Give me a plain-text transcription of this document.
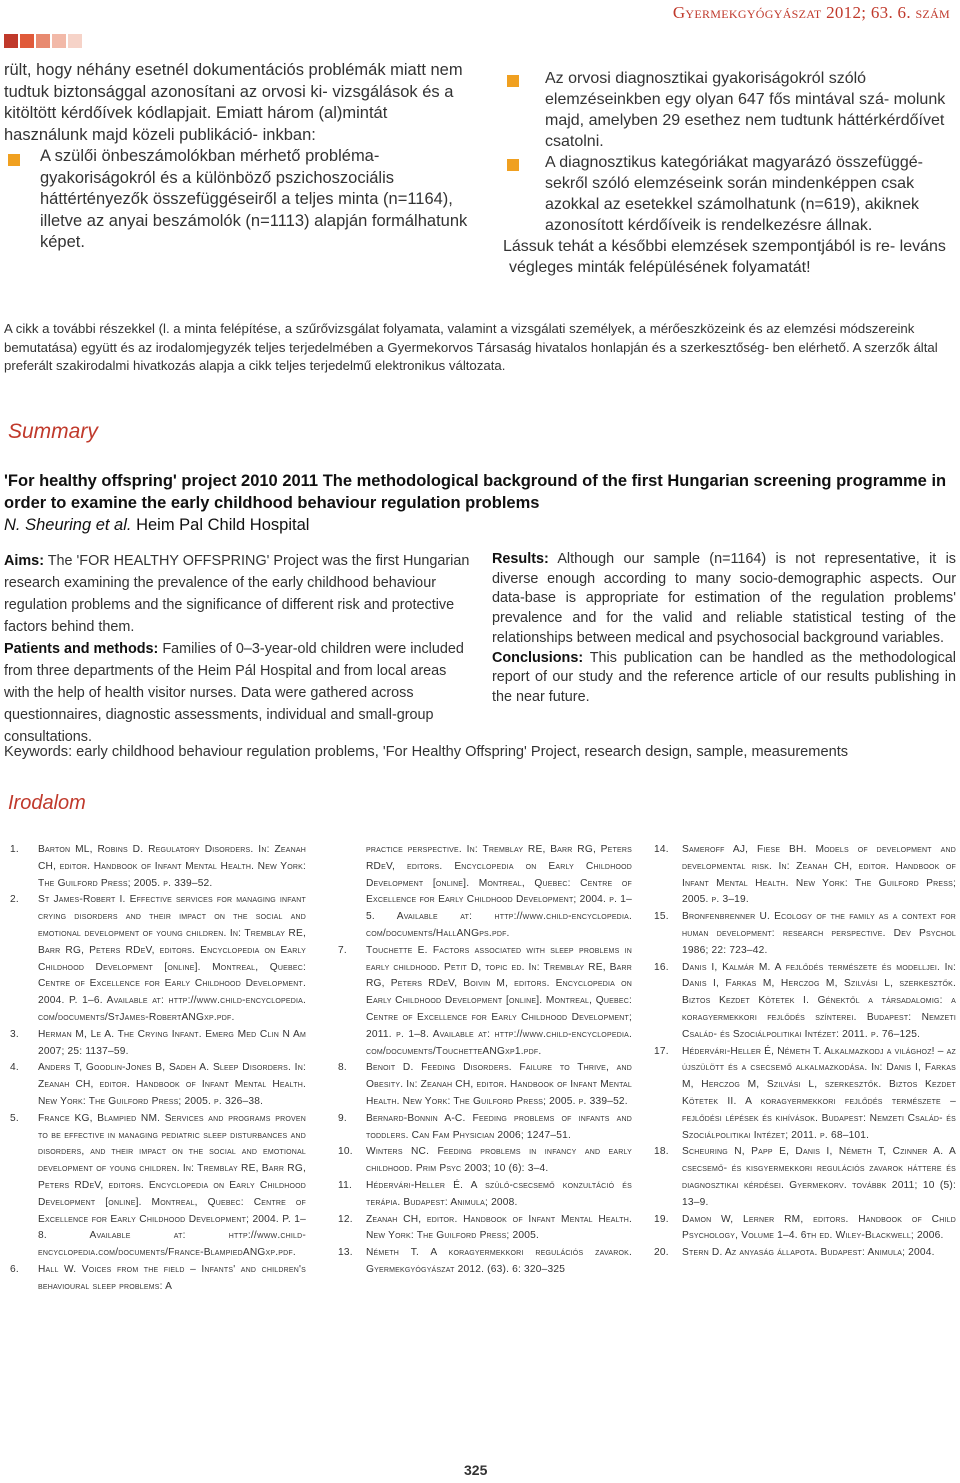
Gyermekgyógyászat 2012; 63. 6. szám

rült, hogy néhány esetnél dokumentációs problémák miatt nem tudtuk biztonsággal azonosítani az orvosi ki- vizsgálások és a kitöltött kérdőívek kódlapjait. Emiatt három (al)mintát használunk majd közeli publikáció- inkban:

A szülői önbeszámolókban mérhető probléma- gyakoriságokról és a különböző pszichoszociális háttértényezők összefüggéseiről a teljes minta (n=1164), illetve az anyai beszámolók (n=1113) alapján formálhatunk képet.
Az orvosi diagnosztikai gyakoriságokról szóló elemzéseinkben egy olyan 647 fős mintával szá- molunk majd, amelyben 29 esethez nem tudtunk háttérkérdőívet csatolni.
A diagnosztikus kategóriákat magyarázó összefüggé- sekről szóló elemzéseink során mindenképpen csak azokkal az esetekkel számolhatunk (n=619), akiknek azonosított kérdőíveik is rendelkezésre állnak.
Lássuk tehát a későbbi elemzések szempontjából is re- leváns végleges minták felépülésének folyamatát!
A cikk a további részekkel (l. a minta felépítése, a szűrővizsgálat folyamata, valamint a vizsgálati személyek, a mérőeszközeink és az elemzési módszereink bemutatása) együtt és az irodalomjegyzék teljes terjedelmében a Gyermekorvos Társaság hivatalos honlapján és a szerkesztőség- ben elérhető. A szerzők által preferált szakirodalmi hivatkozás alapja a cikk teljes terjedelmű elektronikus változata.
Summary
'For healthy offspring' project 2010 2011 The methodological background of the first Hungarian screening programme in order to examine the early childhood behaviour regulation problems
N. Sheuring et al. Heim Pal Child Hospital

Aims: The 'FOR HEALTHY OFFSPRING' Project was the first Hungarian research examining the prevalence of the early childhood behaviour regulation problems and the significance of different risk and protective factors behind them.

Patients and methods: Families of 0–3-year-old children were included from three departments of the Heim Pál Hospital and from local areas with the help of health visitor nurses. Data were gathered across questionnaires, diagnostic assessments, individual and small-group consultations.

Results: Although our sample (n=1164) is not representative, it is diverse enough according to many socio-demographic aspects. Our data-base is appropriate for estimation of the regulation problems' prevalence and for the valid and reliable statistical testing of the relationships between medical and psychosocial background variables.

Conclusions: This publication can be handled as the methodological report of our study and the reference article of our results publishing in the near future.

Keywords: early childhood behaviour regulation problems, 'For Healthy Offspring' Project, research design, sample, measurements
Irodalom
1.	Barton ML, Robins D. Regulatory Disorders. In: Zeanah CH, editor. Handbook of Infant Mental Health. New York: The Guilford Press; 2005. p. 339–52.
2.	St James-Robert I. Effective services for managing infant crying disorders and their impact on the social and emotional development of young children. In: Tremblay RE, Barr RG, Peters RDeV, editors. Encyclopedia on Early Childhood Development [online]. Montreal, Quebec: Centre of Excellence for Early Childhood Development. 2004. P. 1–6. Available at: http://www.child-encyclopedia. com/documents/StJames-RobertANGxp.pdf.
3.	Herman M, Le A. The Crying Infant. Emerg Med Clin N Am 2007; 25: 1137–59.
4.	Anders T, Goodlin-Jones B, Sadeh A. Sleep Disorders. In: Zeanah CH, editor. Handbook of Infant Mental Health. New York: The Guilford Press; 2005. p. 326–38.
5.	France KG, Blampied NM. Services and programs proven to be effective in managing pediatric sleep disturbances and disorders, and their impact on the social and emotional development of young children. In: Tremblay RE, Barr RG, Peters RDeV, editors. Encyclopedia on Early Childhood Development [online]. Montreal, Quebec: Centre of Excellence for Early Childhood Development; 2004. P. 1–8. Available at: http://www.child-encyclopedia.com/documents/France-BlampiedANGxp.pdf.
6.	Hall W. Voices from the field – Infants' and children's behavioural sleep problems: A
practice perspective. In: Tremblay RE, Barr RG, Peters RDeV, editors. Encyclopedia on Early Childhood Development [online]. Montreal, Quebec: Centre of Excellence for Early Childhood Development; 2004. p. 1–5. Available at: http://www.child-encyclopedia. com/documents/HallANGps.pdf.
7.	Touchette E. Factors associated with sleep problems in early childhood. Petit D, topic ed. In: Tremblay RE, Barr RG, Peters RDeV, Boivin M, editors. Encyclopedia on Early Childhood Development [online]. Montreal, Quebec: Centre of Excellence for Early Childhood Development; 2011. p. 1–8. Available at: http://www.child-encyclopedia. com/documents/TouchetteANGxp1.pdf.
8.	Benoit D. Feeding Disorders. Failure to Thrive, and Obesity. In: Zeanah CH, editor. Handbook of Infant Mental Health. New York: The Guilford Press; 2005. p. 339–52.
9.	Bernard-Bonnin A-C. Feeding problems of infants and toddlers. Can Fam Physician 2006; 1247–51.
10.	Winters NC. Feeding problems in infancy and early childhood. Prim Psyc 2003; 10 (6): 3–4.
11.	Hédervári-Heller É. A szülő-csecsemő konzultáció és terápia. Budapest: Animula; 2008.
12.	Zeanah CH, editor. Handbook of Infant Mental Health. New York: The Guilford Press; 2005.
13.	Németh T. A koragyermekkori regulációs zavarok. Gyermekgyógyászat 2012. (63). 6: 320–325
14.	Sameroff AJ, Fiese BH. Models of development and developmental risk. In: Zeanah CH, editor. Handbook of Infant Mental Health. New York: The Guilford Press; 2005. p. 3–19.
15.	Bronfenbrenner U. Ecology of the family as a context for human development: research perspective. Dev Psychol 1986; 22: 723–42.
16.	Danis I, Kalmár M. A fejlődés természete és modelljei. In: Danis I, Farkas M, Herczog M, Szilvási L, szerkesztők. Biztos Kezdet Kötetek I. Génektől a társadalomig: a koragyermekkori fejlődés színterei. Budapest: Nemzeti Család- és Szociálpolitikai Intézet: 2011. p. 76–125.
17.	Hédervári-Heller É, Németh T. Alkalmazkodj a világhoz! – az újszülött és a csecsemő alkalmazkodása. In: Danis I, Farkas M, Herczog M, Szilvási L, szerkesztők. Biztos Kezdet Kötetek II. A koragyermekkori fejlődés természete – fejlődési lépések és kihívások. Budapest: Nemzeti Család- és Szociálpolitikai Intézet; 2011. p. 68–101.
18.	Scheuring N, Papp E, Danis I, Németh T, Czinner A. A csecsemő- és kisgyermekkori regulációs zavarok háttere és diagnosztikai kérdései. Gyermekorv. továbbk 2011; 10 (5): 13–9.
19.	Damon W, Lerner RM, editors. Handbook of Child Psychology, Volume 1–4. 6th ed. Wiley-Blackwell; 2006.
20.	Stern D. Az anyaság állapota. Budapest: Animula; 2004.
325
